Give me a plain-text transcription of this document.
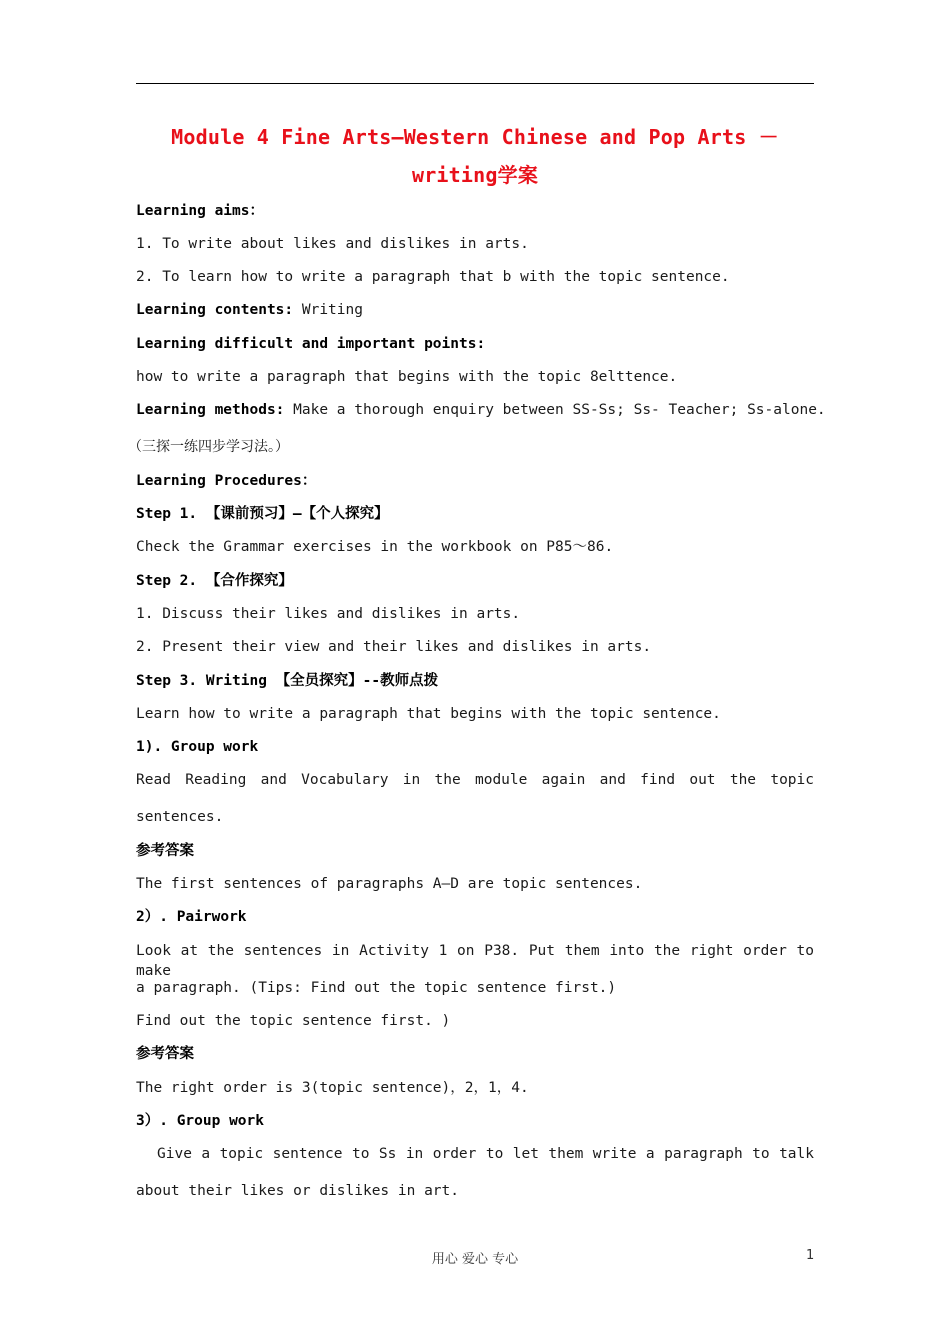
Module 4 Fine Arts—Western Chinese and Pop Arts －writing学案
Learning aims：
1. To write about likes and dislikes in arts.
2. To learn how to write a paragraph that b with the topic sentence.
Learning contents: Writing
Learning difficult and important points:
how to write a paragraph that begins with the topic 8elttence.
Learning methods: Make a thorough enquiry between SS-Ss; Ss- Teacher; Ss-alone.
（三探一练四步学习法。）
Learning Procedures：
Step 1. 【课前预习】—【个人探究】
Check the Grammar exercises in the workbook on P85～86.
Step 2. 【合作探究】
1. Discuss their likes and dislikes in arts.
2. Present their view and their likes and dislikes in arts.
Step 3. Writing 【全员探究】--教师点拨
Learn how to write a paragraph that begins with the topic sentence.
1). Group work
Read Reading and Vocabulary in the module again and find out the topic
sentences.
参考答案
The first sentences of paragraphs A—D are topic sentences.
2）. Pairwork
Look at the sentences in Activity 1 on P38. Put them into the right order to make
a paragraph. (Tips: Find out the topic sentence first.)
Find out the topic sentence first. )
参考答案
The right order is 3(topic sentence)，2，1，4.
3）. Group work
Give a topic sentence to Ss in order to let them write a paragraph to talk
about their likes or dislikes in art.
用心 爱心 专心	1
